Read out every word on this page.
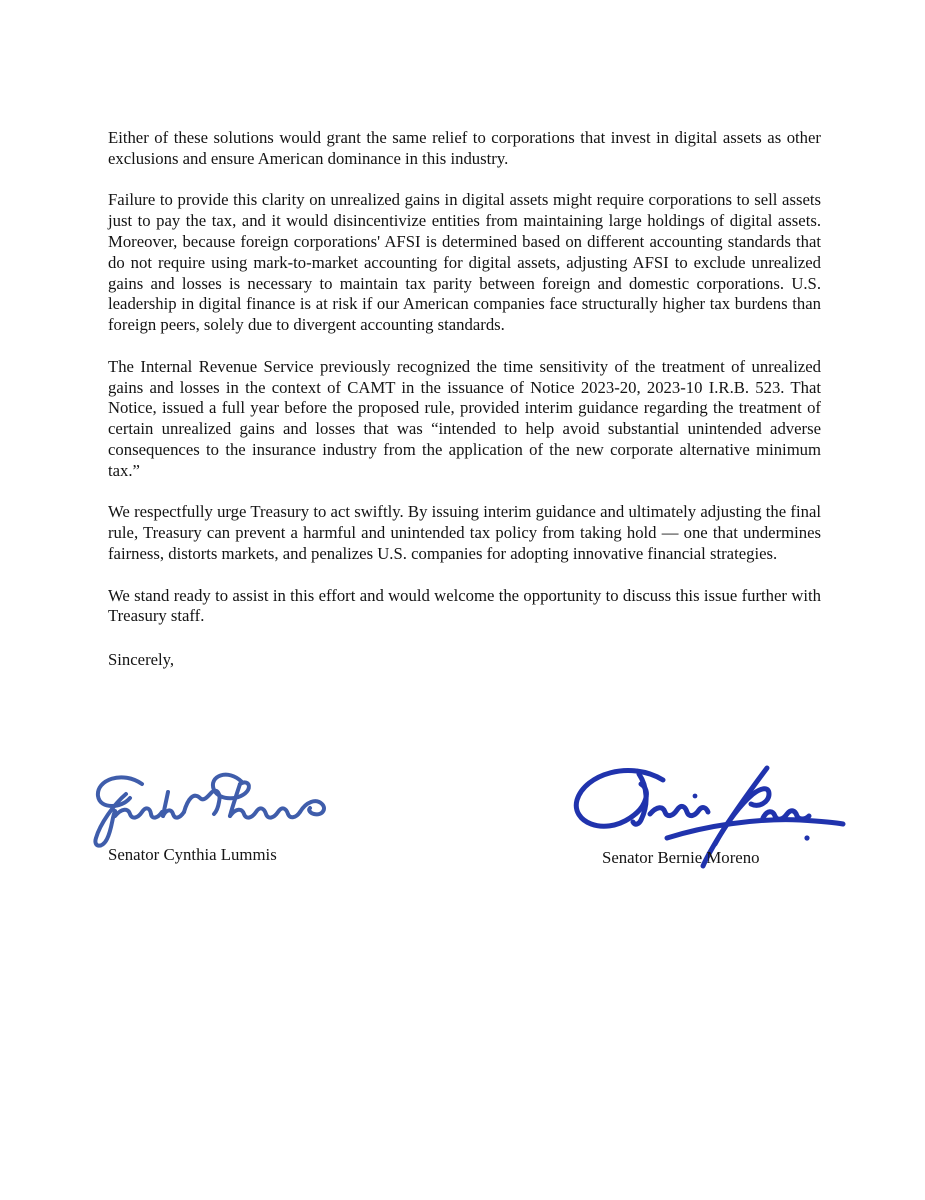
Either of these solutions would grant the same relief to corporations that invest in digital assets as other exclusions and ensure American dominance in this industry.

Failure to provide this clarity on unrealized gains in digital assets might require corporations to sell assets just to pay the tax, and it would disincentivize entities from maintaining large holdings of digital assets. Moreover, because foreign corporations' AFSI is determined based on different accounting standards that do not require using mark-to-market accounting for digital assets, adjusting AFSI to exclude unrealized gains and losses is necessary to maintain tax parity between foreign and domestic corporations. U.S. leadership in digital finance is at risk if our American companies face structurally higher tax burdens than foreign peers, solely due to divergent accounting standards.

The Internal Revenue Service previously recognized the time sensitivity of the treatment of unrealized gains and losses in the context of CAMT in the issuance of Notice 2023-20, 2023-10 I.R.B. 523. That Notice, issued a full year before the proposed rule, provided interim guidance regarding the treatment of certain unrealized gains and losses that was “intended to help avoid substantial unintended adverse consequences to the insurance industry from the application of the new corporate alternative minimum tax.”

We respectfully urge Treasury to act swiftly. By issuing interim guidance and ultimately adjusting the final rule, Treasury can prevent a harmful and unintended tax policy from taking hold — one that undermines fairness, distorts markets, and penalizes U.S. companies for adopting innovative financial strategies.

We stand ready to assist in this effort and would welcome the opportunity to discuss this issue further with Treasury staff.

Sincerely,

Senator Cynthia Lummis	Senator Bernie Moreno
